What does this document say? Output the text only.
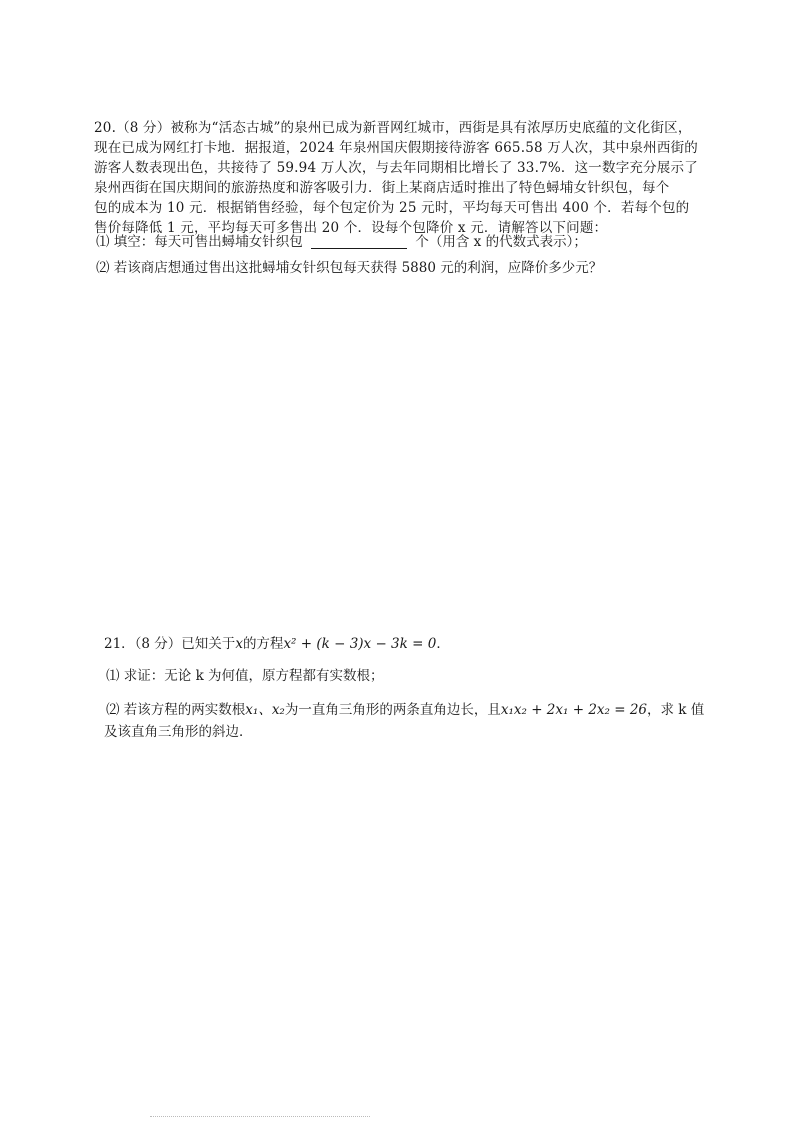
20.（8 分）被称为“活态古城”的泉州已成为新晋网红城市，西街是具有浓厚历史底蕴的文化街区，
现在已成为网红打卡地．据报道，2024 年泉州国庆假期接待游客 665.58 万人次，其中泉州西街的
游客人数表现出色，共接待了 59.94 万人次，与去年同期相比增长了 33.7%．这一数字充分展示了
泉州西街在国庆期间的旅游热度和游客吸引力．街上某商店适时推出了特色蟳埔女针织包，每个
包的成本为 10 元．根据销售经验，每个包定价为 25 元时，平均每天可售出 400 个．若每个包的
售价每降低 1 元，平均每天可多售出 20 个．设每个包降价 x 元．请解答以下问题：
⑴ 填空：每天可售出蟳埔女针织包	个（用含 x 的代数式表示）；
⑵ 若该商店想通过售出这批蟳埔女针织包每天获得 5880 元的利润，应降价多少元？
21．（8 分）已知关于x的方程x² + (k − 3)x − 3k = 0．
⑴ 求证：无论 k 为何值，原方程都有实数根；
⑵ 若该方程的两实数根x₁、x₂为一直角三角形的两条直角边长，且x₁x₂ + 2x₁ + 2x₂ = 26，求 k 值
及该直角三角形的斜边．
